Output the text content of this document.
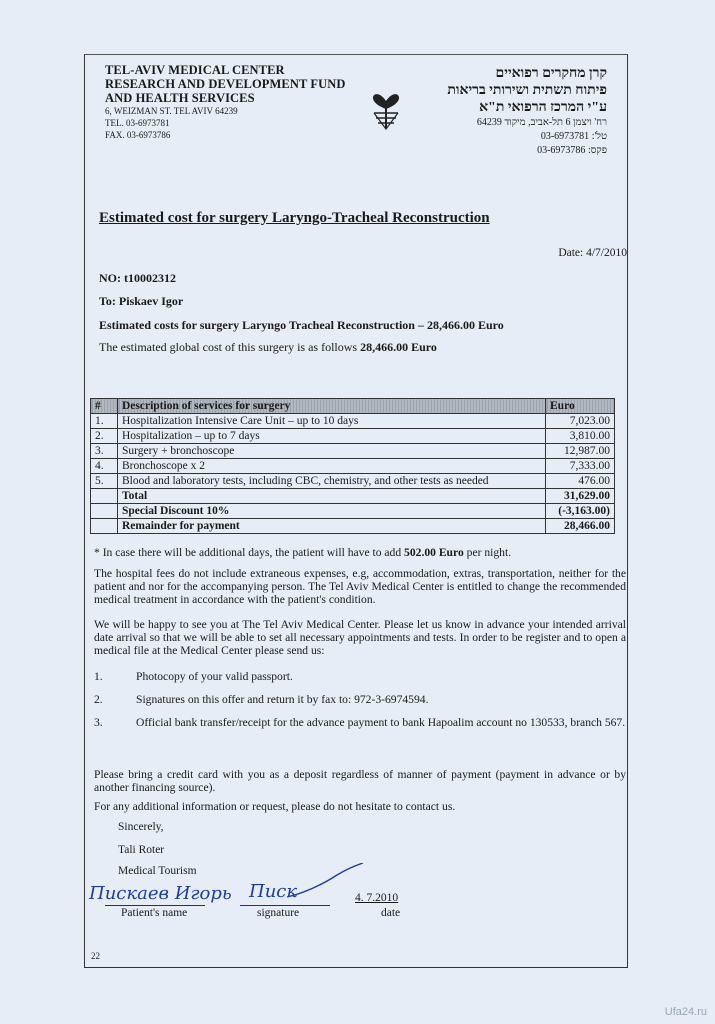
TEL-AVIV MEDICAL CENTER
RESEARCH AND DEVELOPMENT FUND
AND HEALTH SERVICES
6, WEIZMAN ST. TEL AVIV 64239
TEL. 03-6973781
FAX. 03-6973786
קרן מחקרים רפואיים
פיתוח תשתית ושירותי בריאות
ע"י המרכז הרפואי ת"א
רח' ויצמן 6 תל-אביב, מיקוד 64239
טל': 03-6973781
פקס: 03-6973786
Estimated cost for surgery Laryngo-Tracheal Reconstruction
Date: 4/7/2010
NO: t10002312
To: Piskaev Igor
Estimated costs for surgery Laryngo Tracheal Reconstruction – 28,466.00 Euro
The estimated global cost of this surgery is as follows 28,466.00 Euro
#	Description of services for surgery	Euro
1.	Hospitalization Intensive Care Unit – up to 10 days	7,023.00
2.	Hospitalization – up to 7 days	3,810.00
3.	Surgery + bronchoscope	12,987.00
4.	Bronchoscope x 2	7,333.00
5.	Blood and laboratory tests, including CBC, chemistry, and other tests as needed	476.00
	Total	31,629.00
	Special Discount 10%	(-3,163.00)
	Remainder for payment	28,466.00
* In case there will be additional days, the patient will have to add 502.00 Euro per night.
The hospital fees do not include extraneous expenses, e.g, accommodation, extras, transportation, neither for the patient and nor for the accompanying person. The Tel Aviv Medical Center is entitled to change the recommended medical treatment in accordance with the patient's condition.
We will be happy to see you at The Tel Aviv Medical Center. Please let us know in advance your intended arrival date arrival so that we will be able to set all necessary appointments and tests. In order to be register and to open a medical file at the Medical Center please send us:
1.	Photocopy of your valid passport.
2.	Signatures on this offer and return it by fax to: 972-3-6974594.
3.	Official bank transfer/receipt for the advance payment to bank Hapoalim account no 130533, branch 567.
Please bring a credit card with you as a deposit regardless of manner of payment (payment in advance or by another financing source).
For any additional information or request, please do not hesitate to contact us.
Sincerely,
Tali Roter
Medical Tourism
Пискаев Игорь Писк	4. 7.2010
Patient's name	signature	date
22
Ufa24.ru
